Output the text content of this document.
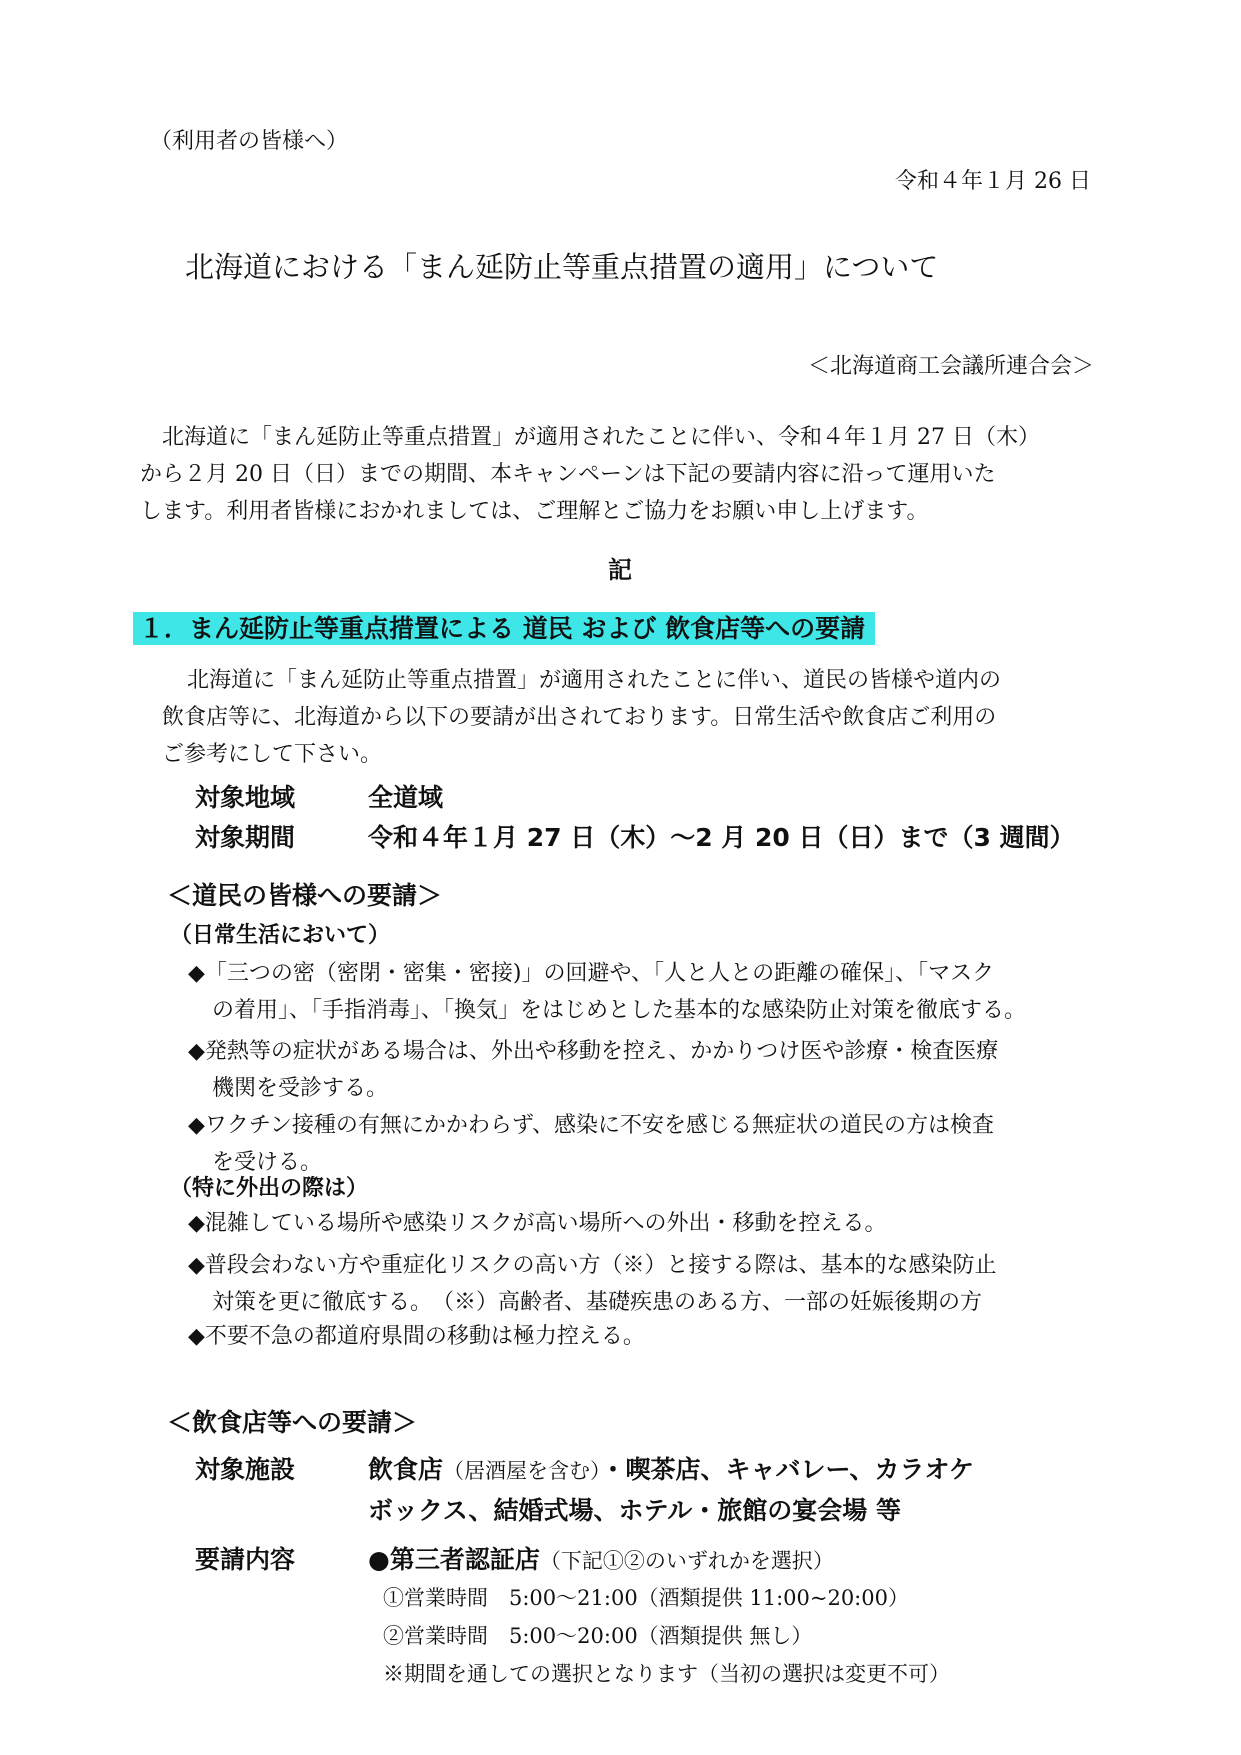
（利用者の皆様へ）
令和４年１月 26 日
北海道における「まん延防止等重点措置の適用」について
＜北海道商工会議所連合会＞
北海道に「まん延防止等重点措置」が適用されたことに伴い、令和４年１月 27 日（木）
から２月 20 日（日）までの期間、本キャンペーンは下記の要請内容に沿って運用いた
します。利用者皆様におかれましては、ご理解とご協力をお願い申し上げます。
記
１．まん延防止等重点措置による 道民 および 飲食店等への要請
北海道に「まん延防止等重点措置」が適用されたことに伴い、道民の皆様や道内の
飲食店等に、北海道から以下の要請が出されております。日常生活や飲食店ご利用の
ご参考にして下さい。
対象地域	全道域
対象期間	令和４年１月 27 日（木）～2 月 20 日（日）まで（3 週間）
＜道民の皆様への要請＞
（日常生活において）
◆「三つの密（密閉・密集・密接)」の回避や、「人と人との距離の確保」、「マスク
の着用」、「手指消毒」、「換気」をはじめとした基本的な感染防止対策を徹底する。
◆発熱等の症状がある場合は、外出や移動を控え、かかりつけ医や診療・検査医療
機関を受診する。
◆ワクチン接種の有無にかかわらず、感染に不安を感じる無症状の道民の方は検査
を受ける。
（特に外出の際は）
◆混雑している場所や感染リスクが高い場所への外出・移動を控える。
◆普段会わない方や重症化リスクの高い方（※）と接する際は、基本的な感染防止
対策を更に徹底する。　（※）高齢者、基礎疾患のある方、一部の妊娠後期の方
◆不要不急の都道府県間の移動は極力控える。
＜飲食店等への要請＞
対象施設	飲食店（居酒屋を含む）・喫茶店、キャバレー、カラオケ
ボックス、結婚式場、ホテル・旅館の宴会場 等
要請内容	●第三者認証店（下記①②のいずれかを選択）
①営業時間　5:00～21:00（酒類提供 11:00~20:00）
②営業時間　5:00～20:00（酒類提供 無し）
※期間を通しての選択となります（当初の選択は変更不可）
